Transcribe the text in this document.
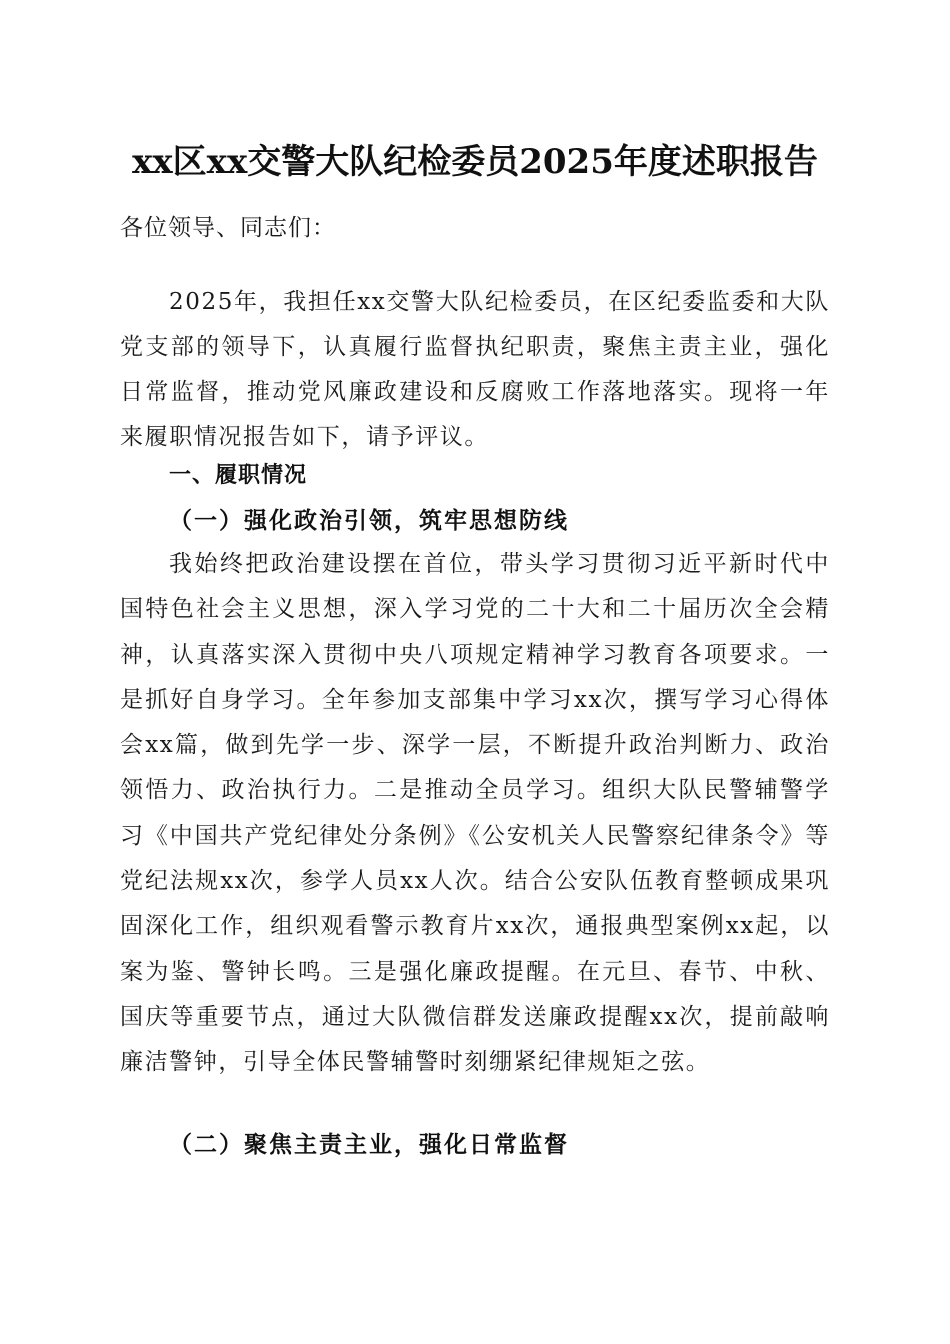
xx区xx交警大队纪检委员2025年度述职报告

各位领导、同志们：

2025年，我担任xx交警大队纪检委员，在区纪委监委和大队党支部的领导下，认真履行监督执纪职责，聚焦主责主业，强化日常监督，推动党风廉政建设和反腐败工作落地落实。现将一年来履职情况报告如下，请予评议。

一、履职情况
（一）强化政治引领，筑牢思想防线

我始终把政治建设摆在首位，带头学习贯彻习近平新时代中国特色社会主义思想，深入学习党的二十大和二十届历次全会精神，认真落实深入贯彻中央八项规定精神学习教育各项要求。一是抓好自身学习。全年参加支部集中学习xx次，撰写学习心得体会xx篇，做到先学一步、深学一层，不断提升政治判断力、政治领悟力、政治执行力。二是推动全员学习。组织大队民警辅警学习《中国共产党纪律处分条例》《公安机关人民警察纪律条令》等党纪法规xx次，参学人员xx人次。结合公安队伍教育整顿成果巩固深化工作，组织观看警示教育片xx次，通报典型案例xx起，以案为鉴、警钟长鸣。三是强化廉政提醒。在元旦、春节、中秋、国庆等重要节点，通过大队微信群发送廉政提醒xx次，提前敲响廉洁警钟，引导全体民警辅警时刻绷紧纪律规矩之弦。

（二）聚焦主责主业，强化日常监督
